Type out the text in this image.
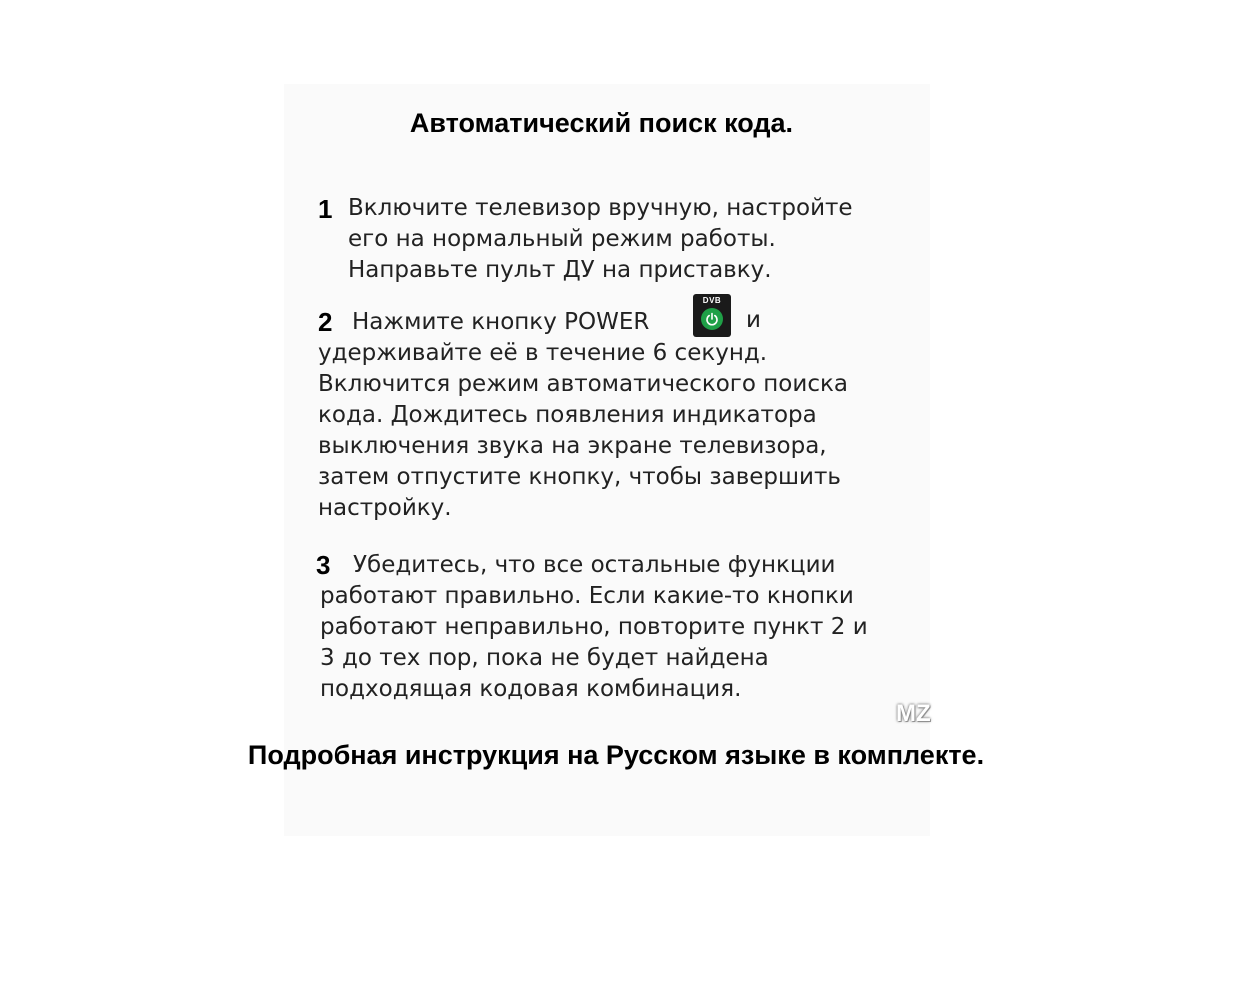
Автоматический поиск кода.
1 Включите телевизор вручную, настройте
его на нормальный режим работы.
Направьте пульт ДУ на приставку.
2 Нажмите кнопку POWER
DVB
и
удерживайте её в течение 6 секунд.
Включится режим автоматического поиска
кода. Дождитесь появления индикатора
выключения звука на экране телевизора,
затем отпустите кнопку, чтобы завершить
настройку.
3 Убедитесь, что все остальные функции
работают правильно. Если какие-то кнопки
работают неправильно, повторите пункт 2 и
3 до тех пор, пока не будет найдена
подходящая кодовая комбинация.
MZ

Подробная инструкция на Русском языке в комплекте.
